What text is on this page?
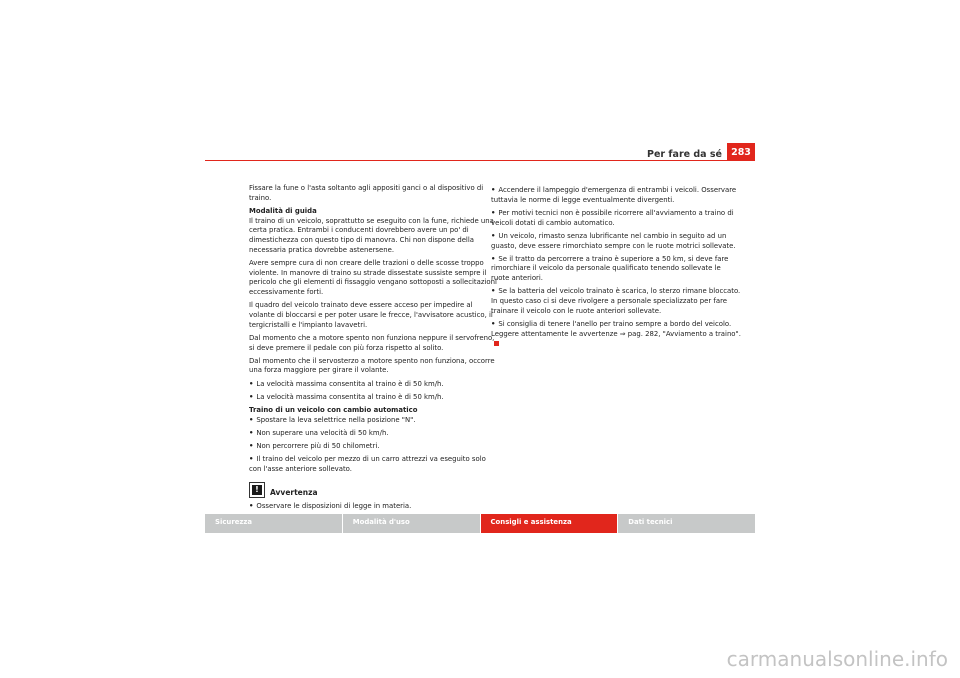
Per fare da sé 283

Fissare la fune o l'asta soltanto agli appositi ganci o al dispositivo di traino.

Modalità di guida

Il traino di un veicolo, soprattutto se eseguito con la fune, richiede una certa pratica. Entrambi i conducenti dovrebbero avere un po' di dimestichezza con questo tipo di manovra. Chi non dispone della necessaria pratica dovrebbe astenersene.

Avere sempre cura di non creare delle trazioni o delle scosse troppo violente. In manovre di traino su strade dissestate sussiste sempre il pericolo che gli elementi di fissaggio vengano sottoposti a sollecitazioni eccessivamente forti.

Il quadro del veicolo trainato deve essere acceso per impedire al volante di bloccarsi e per poter usare le frecce, l'avvisatore acustico, il tergicristalli e l'impianto lavavetri.

Dal momento che a motore spento non funziona neppure il servofreno, si deve premere il pedale con più forza rispetto al solito.

Dal momento che il servosterzo a motore spento non funziona, occorre una forza maggiore per girare il volante.

• La velocità massima consentita al traino è di 50 km/h.
• La velocità massima consentita al traino è di 50 km/h.
Traino di un veicolo con cambio automatico
• Spostare la leva selettrice nella posizione "N".
• Non superare una velocità di 50 km/h.
• Non percorrere più di 50 chilometri.
• Il traino del veicolo per mezzo di un carro attrezzi va eseguito solo con l'asse anteriore sollevato.
!	Avvertenza
• Osservare le disposizioni di legge in materia.
• Accendere il lampeggio d'emergenza di entrambi i veicoli. Osservare tuttavia le norme di legge eventualmente divergenti.
• Per motivi tecnici non è possibile ricorrere all'avviamento a traino di veicoli dotati di cambio automatico.
• Un veicolo, rimasto senza lubrificante nel cambio in seguito ad un guasto, deve essere rimorchiato sempre con le ruote motrici sollevate.
• Se il tratto da percorrere a traino è superiore a 50 km, si deve fare rimorchiare il veicolo da personale qualificato tenendo sollevate le ruote anteriori.
• Se la batteria del veicolo trainato è scarica, lo sterzo rimane bloccato. In questo caso ci si deve rivolgere a personale specializzato per fare trainare il veicolo con le ruote anteriori sollevate.
• Si consiglia di tenere l'anello per traino sempre a bordo del veicolo. Leggere attentamente le avvertenze ⇒ pag. 282, "Avviamento a traino".
Sicurezza	Modalità d'uso	Consigli e assistenza	Dati tecnici
carmanualsonline.info
